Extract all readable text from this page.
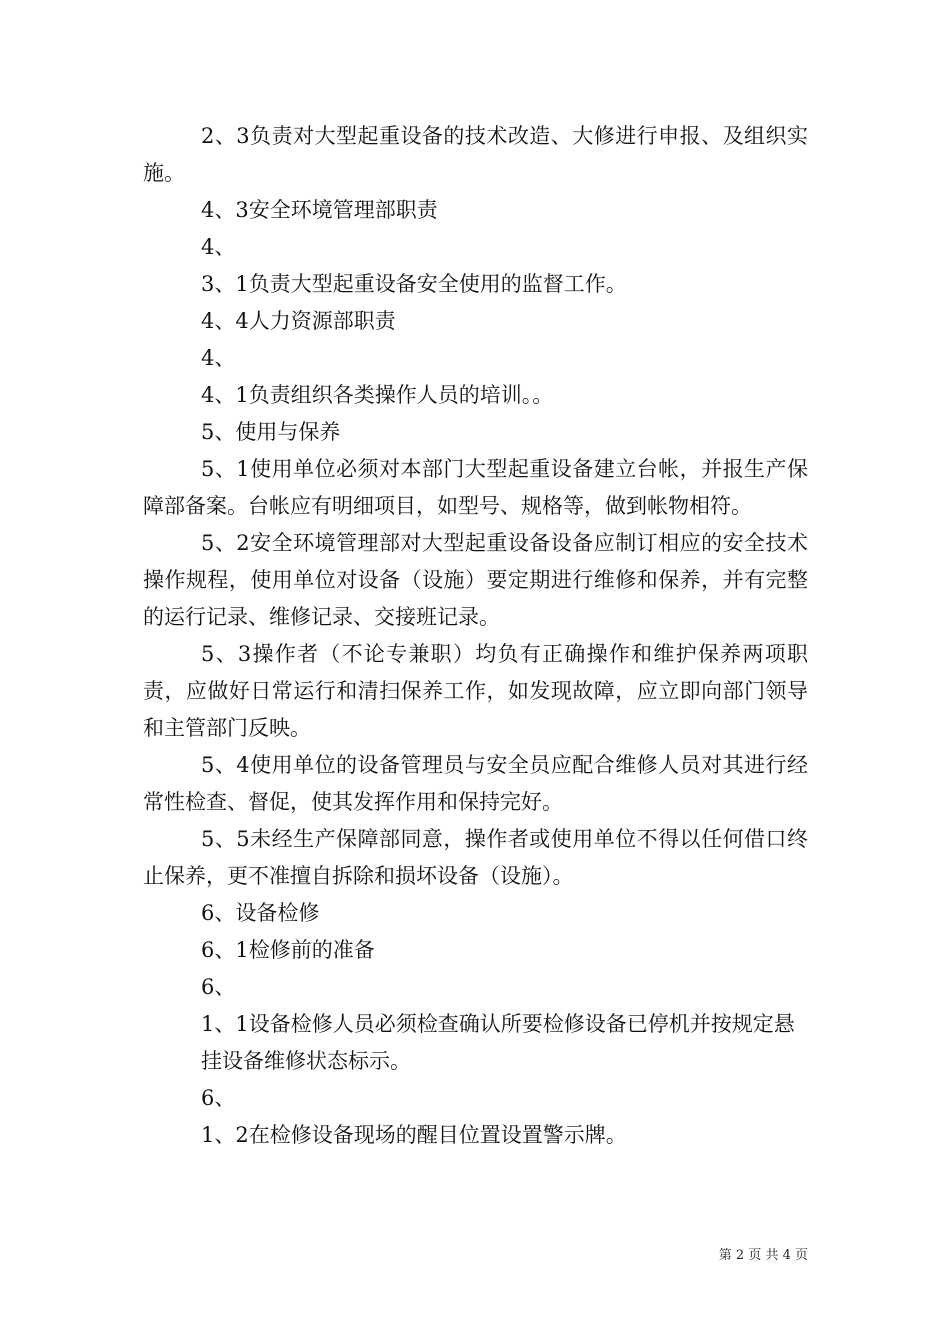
2、3负责对大型起重设备的技术改造、大修进行申报、及组织实施。

4、3安全环境管理部职责

4、

3、1负责大型起重设备安全使用的监督工作。

4、4人力资源部职责

4、

4、1负责组织各类操作人员的培训。。

5、使用与保养

5、1使用单位必须对本部门大型起重设备建立台帐，并报生产保障部备案。台帐应有明细项目，如型号、规格等，做到帐物相符。

5、2安全环境管理部对大型起重设备设备应制订相应的安全技术操作规程，使用单位对设备（设施）要定期进行维修和保养，并有完整的运行记录、维修记录、交接班记录。

5、3操作者（不论专兼职）均负有正确操作和维护保养两项职责，应做好日常运行和清扫保养工作，如发现故障，应立即向部门领导和主管部门反映。

5、4使用单位的设备管理员与安全员应配合维修人员对其进行经常性检查、督促，使其发挥作用和保持完好。

5、5未经生产保障部同意，操作者或使用单位不得以任何借口终止保养，更不准擅自拆除和损坏设备（设施）。

6、设备检修

6、1检修前的准备

6、

1、1设备检修人员必须检查确认所要检修设备已停机并按规定悬

挂设备维修状态标示。

6、

1、2在检修设备现场的醒目位置设置警示牌。

第 2 页 共 4 页
